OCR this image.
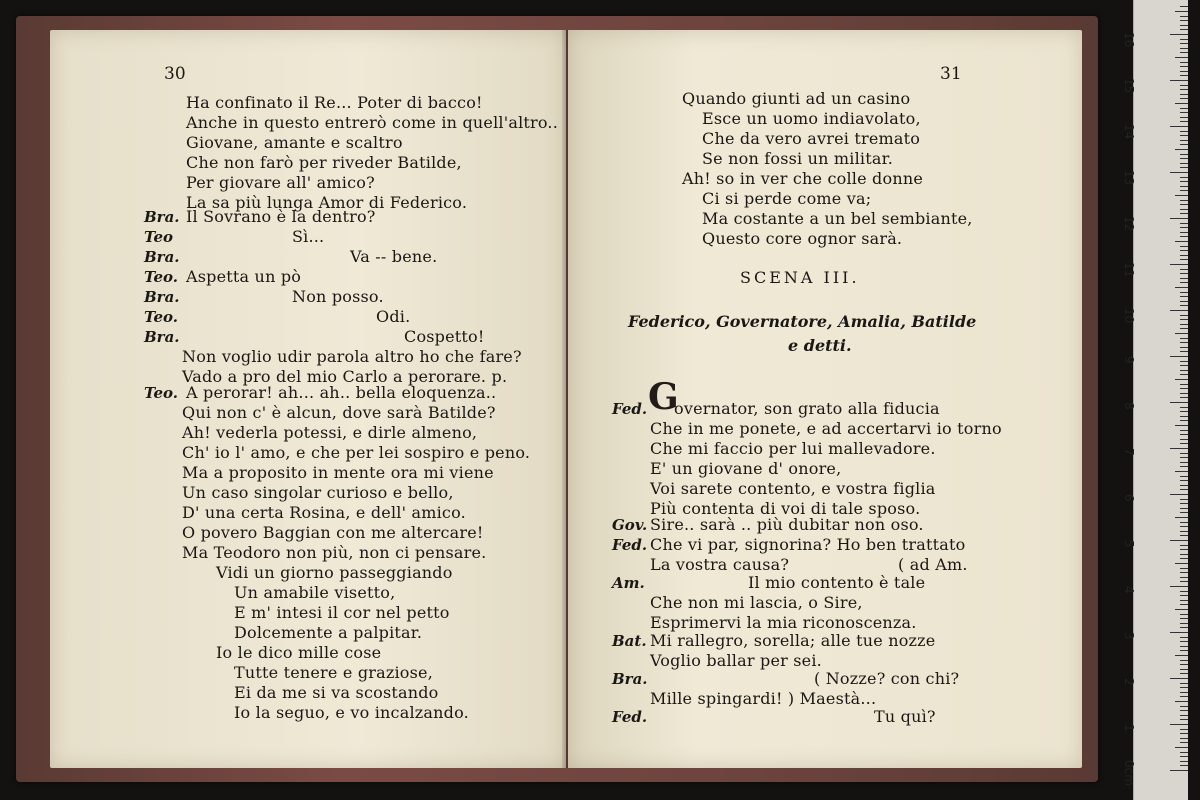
30
Ha confinato il Re... Poter di bacco!
Anche in questo entrerò come in quell'altro..
Giovane, amante e scaltro
Che non farò per riveder Batilde,
Per giovare all' amico?
La sa più lunga Amor di Federico.
Bra. Il Sovrano è la dentro?
Teo	Sì...
Bra.	Va -- bene.
Teo. Aspetta un pò
Bra.	Non posso.
Teo.	Odi.
Bra.	Cospetto!
Non voglio udir parola altro ho che fare?
Vado a pro del mio Carlo a perorare. p.
Teo. A perorar! ah... ah.. bella eloquenza..
Qui non c' è alcun, dove sarà Batilde?
Ah! vederla potessi, e dirle almeno,
Ch' io l' amo, e che per lei sospiro e peno.
Ma a proposito in mente ora mi viene
Un caso singolar curioso e bello,
D' una certa Rosina, e dell' amico.
O povero Baggian con me altercare!
Ma Teodoro non più, non ci pensare.
Vidi un giorno passeggiando
Un amabile visetto,
E m' intesi il cor nel petto
Dolcemente a palpitar.
Io le dico mille cose
Tutte tenere e graziose,
Ei da me si va scostando
Io la seguo, e vo incalzando.
31
Quando giunti ad un casino
Esce un uomo indiavolato,
Che da vero avrei tremato
Se non fossi un militar.
Ah! so in ver che colle donne
Ci si perde come va;
Ma costante a un bel sembiante,
Questo core ognor sarà.
SCENA III.
Federico, Governatore, Amalia, Batilde
e detti.
Fed. G
overnator, son grato alla fiducia
Che in me ponete, e ad accertarvi io torno
Che mi faccio per lui mallevadore.
E' un giovane d' onore,
Voi sarete contento, e vostra figlia
Più contenta di voi di tale sposo.
Gov. Sire.. sarà .. più dubitar non oso.
Fed. Che vi par, signorina? Ho ben trattato
La vostra causa?	( ad Am.
Am.	Il mio contento è tale
Che non mi lascia, o Sire,
Esprimervi la mia riconoscenza.
Bat. Mi rallegro, sorella; alle tue nozze
Voglio ballar per sei.
Bra.	( Nozze? con chi?
Mille spingardi! ) Maestà...
Fed.	Tu quì?
0cm
1
2
3
4
5
6
7
8
9
10
11
12
13
14
15
16
